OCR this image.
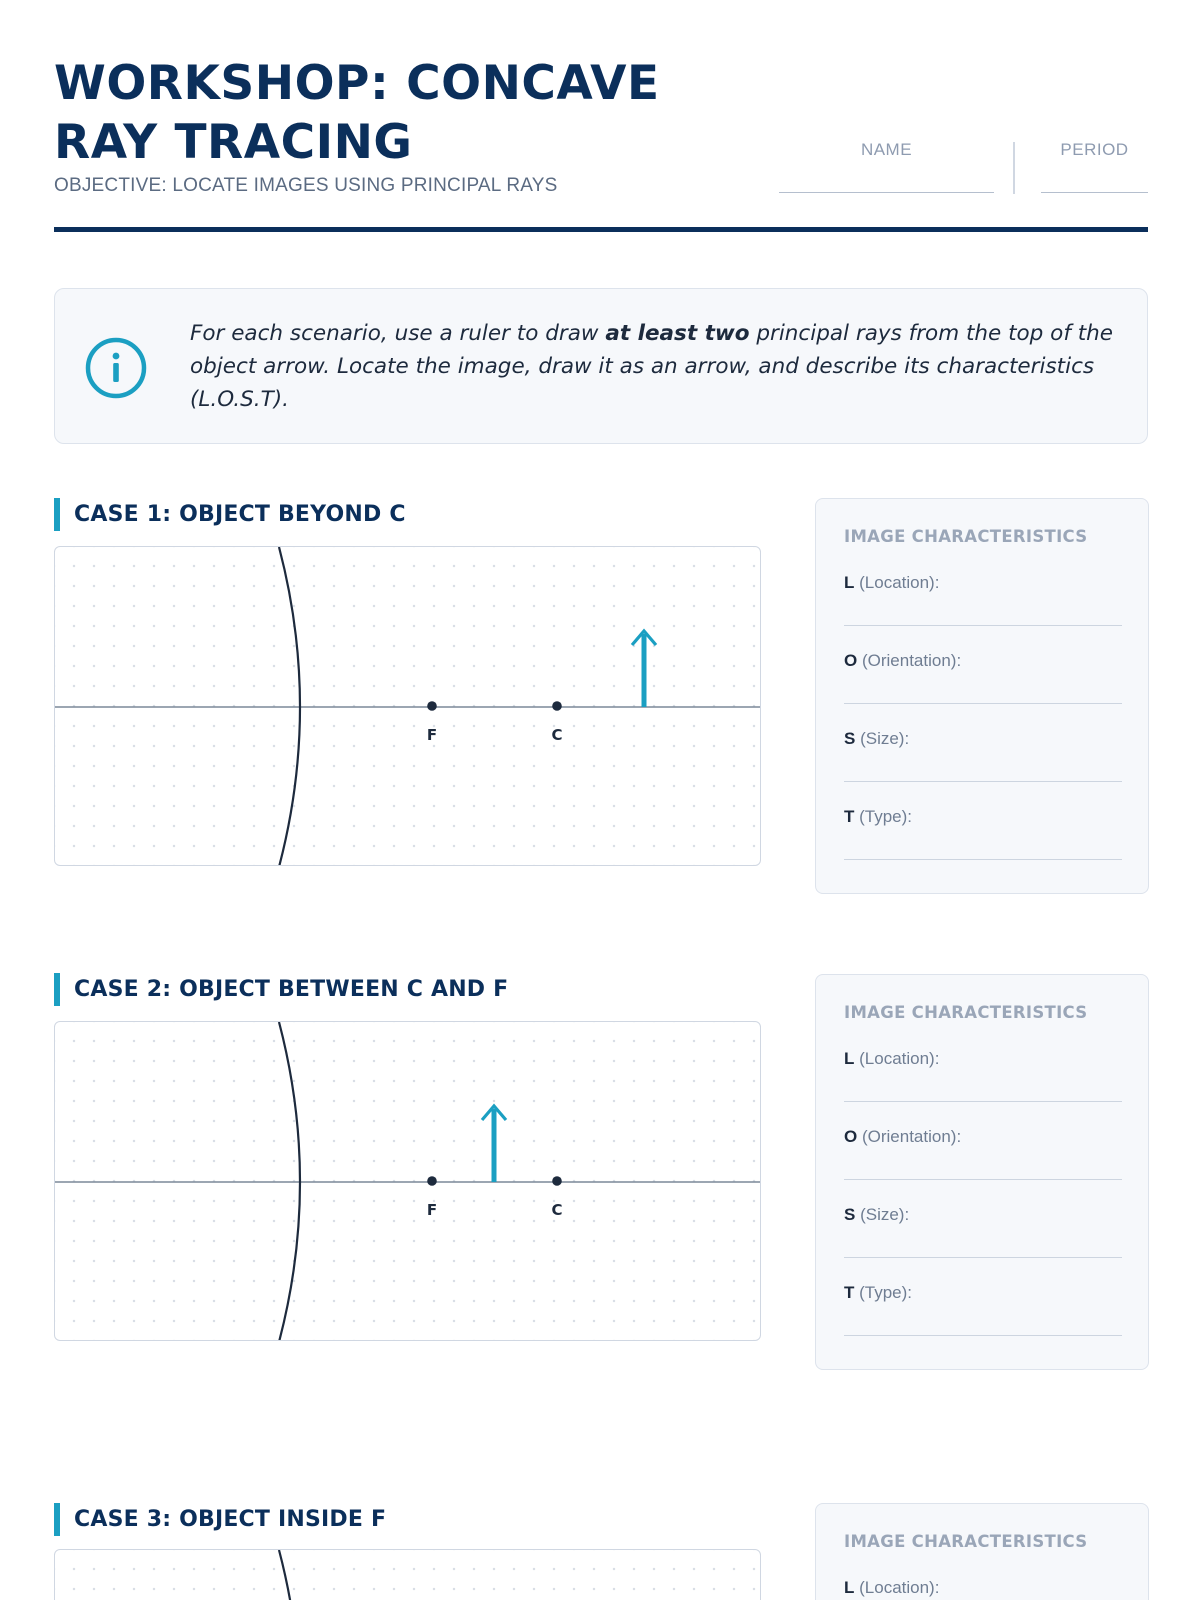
WORKSHOP: CONCAVE
RAY TRACING
OBJECTIVE: LOCATE IMAGES USING PRINCIPAL RAYS
NAME	PERIOD
For each scenario, use a ruler to draw at least two principal rays from the top of the object arrow. Locate the image, draw it as an arrow, and describe its characteristics (L.O.S.T).
CASE 1: OBJECT BEYOND C
F	C
IMAGE CHARACTERISTICS
L (Location):
O (Orientation):
S (Size):
T (Type):
CASE 2: OBJECT BETWEEN C AND F
F	C
IMAGE CHARACTERISTICS
L (Location):
O (Orientation):
S (Size):
T (Type):
CASE 3: OBJECT INSIDE F
IMAGE CHARACTERISTICS
L (Location):
